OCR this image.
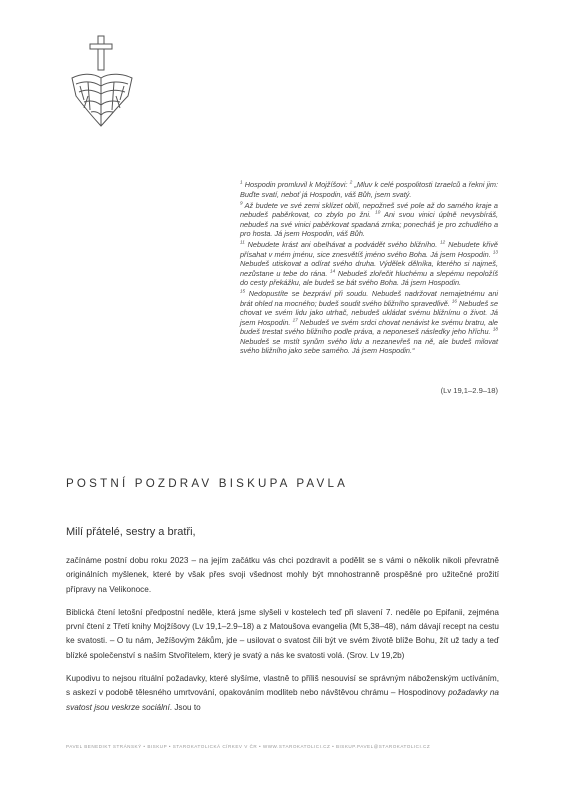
$^1$ Hospodin promluvil k Mojžíšovi: $^2$ „Mluv k celé pospolitosti Izraelců a řekni jim: Buďte svatí, neboť já Hospodin, váš Bůh, jsem svatý.

$^9$ Až budete ve své zemi sklízet obilí, nepožneš své pole až do samého kraje a nebudeš paběrkovat, co zbylo po žni. $^{10}$ Ani svou vinici úplně nevysbíráš, nebudeš na své vinici paběrkovat spadaná zrnka; ponecháš je pro zchudlého a pro hosta. Já jsem Hospodin, váš Bůh.

$^{11}$ Nebudete krást ani obelhávat a podvádět svého bližního. $^{12}$ Nebudete křivě přísahat v mém jménu, sice znesvětíš jméno svého Boha. Já jsem Hospodin. $^{13}$ Nebudeš utiskovat a odírat svého druha. Výdělek dělníka, kterého si najmeš, nezůstane u tebe do rána. $^{14}$ Nebudeš zlořečit hluchému a slepému nepoložíš do cesty překážku, ale budeš se bát svého Boha. Já jsem Hospodin.

$^{15}$ Nedopustíte se bezpráví při soudu. Nebudeš nadržovat nemajetnému ani brát ohled na mocného; budeš soudit svého bližního spravedlivě. $^{16}$ Nebudeš se chovat ve svém lidu jako utrhač, nebudeš ukládat svému bližnímu o život. Já jsem Hospodin. $^{17}$ Nebudeš ve svém srdci chovat nenávist ke svému bratru, ale budeš trestat svého bližního podle práva, a neponeseš následky jeho hříchu. $^{18}$ Nebudeš se mstít synům svého lidu a nezanevřeš na ně, ale budeš milovat svého bližního jako sebe samého. Já jsem Hospodin.“

(Lv 19,1–2.9–18)
POSTNÍ POZDRAV BISKUPA PAVLA
Milí přátelé, sestry a bratři,

začínáme postní dobu roku 2023 – na jejím začátku vás chci pozdravit a podělit se s vámi o několik nikoli převratně originálních myšlenek, které by však přes svoji všednost mohly být mnohostranně prospěšné pro užitečné prožití přípravy na Velikonoce.

Biblická čtení letošní předpostní neděle, která jsme slyšeli v kostelech teď při slavení 7. neděle po Epifanii, zejména první čtení z Třetí knihy Mojžíšovy (Lv 19,1–2.9–18) a z Matoušova evangelia (Mt 5,38–48), nám dávají recept na cestu ke svatosti. – O tu nám, Ježíšovým žákům, jde – usilovat o svatost čili být ve svém životě blíže Bohu, žít už tady a teď blízké společenství s naším Stvořitelem, který je svatý a nás ke svatosti volá. (Srov. Lv 19,2b)

Kupodivu to nejsou rituální požadavky, které slyšíme, vlastně to příliš nesouvisí se správným náboženským uctíváním, s askezí v podobě tělesného umrtvování, opakováním modliteb nebo návštěvou chrámu – Hospodinovy požadavky na svatost jsou veskrze sociální. Jsou to

PAVEL BENEDIKT STRÁNSKÝ • BISKUP • STAROKATOLICKÁ CÍRKEV V ČR • WWW.STAROKATOLICI.CZ • BISKUP.PAVEL@STAROKATOLICI.CZ
